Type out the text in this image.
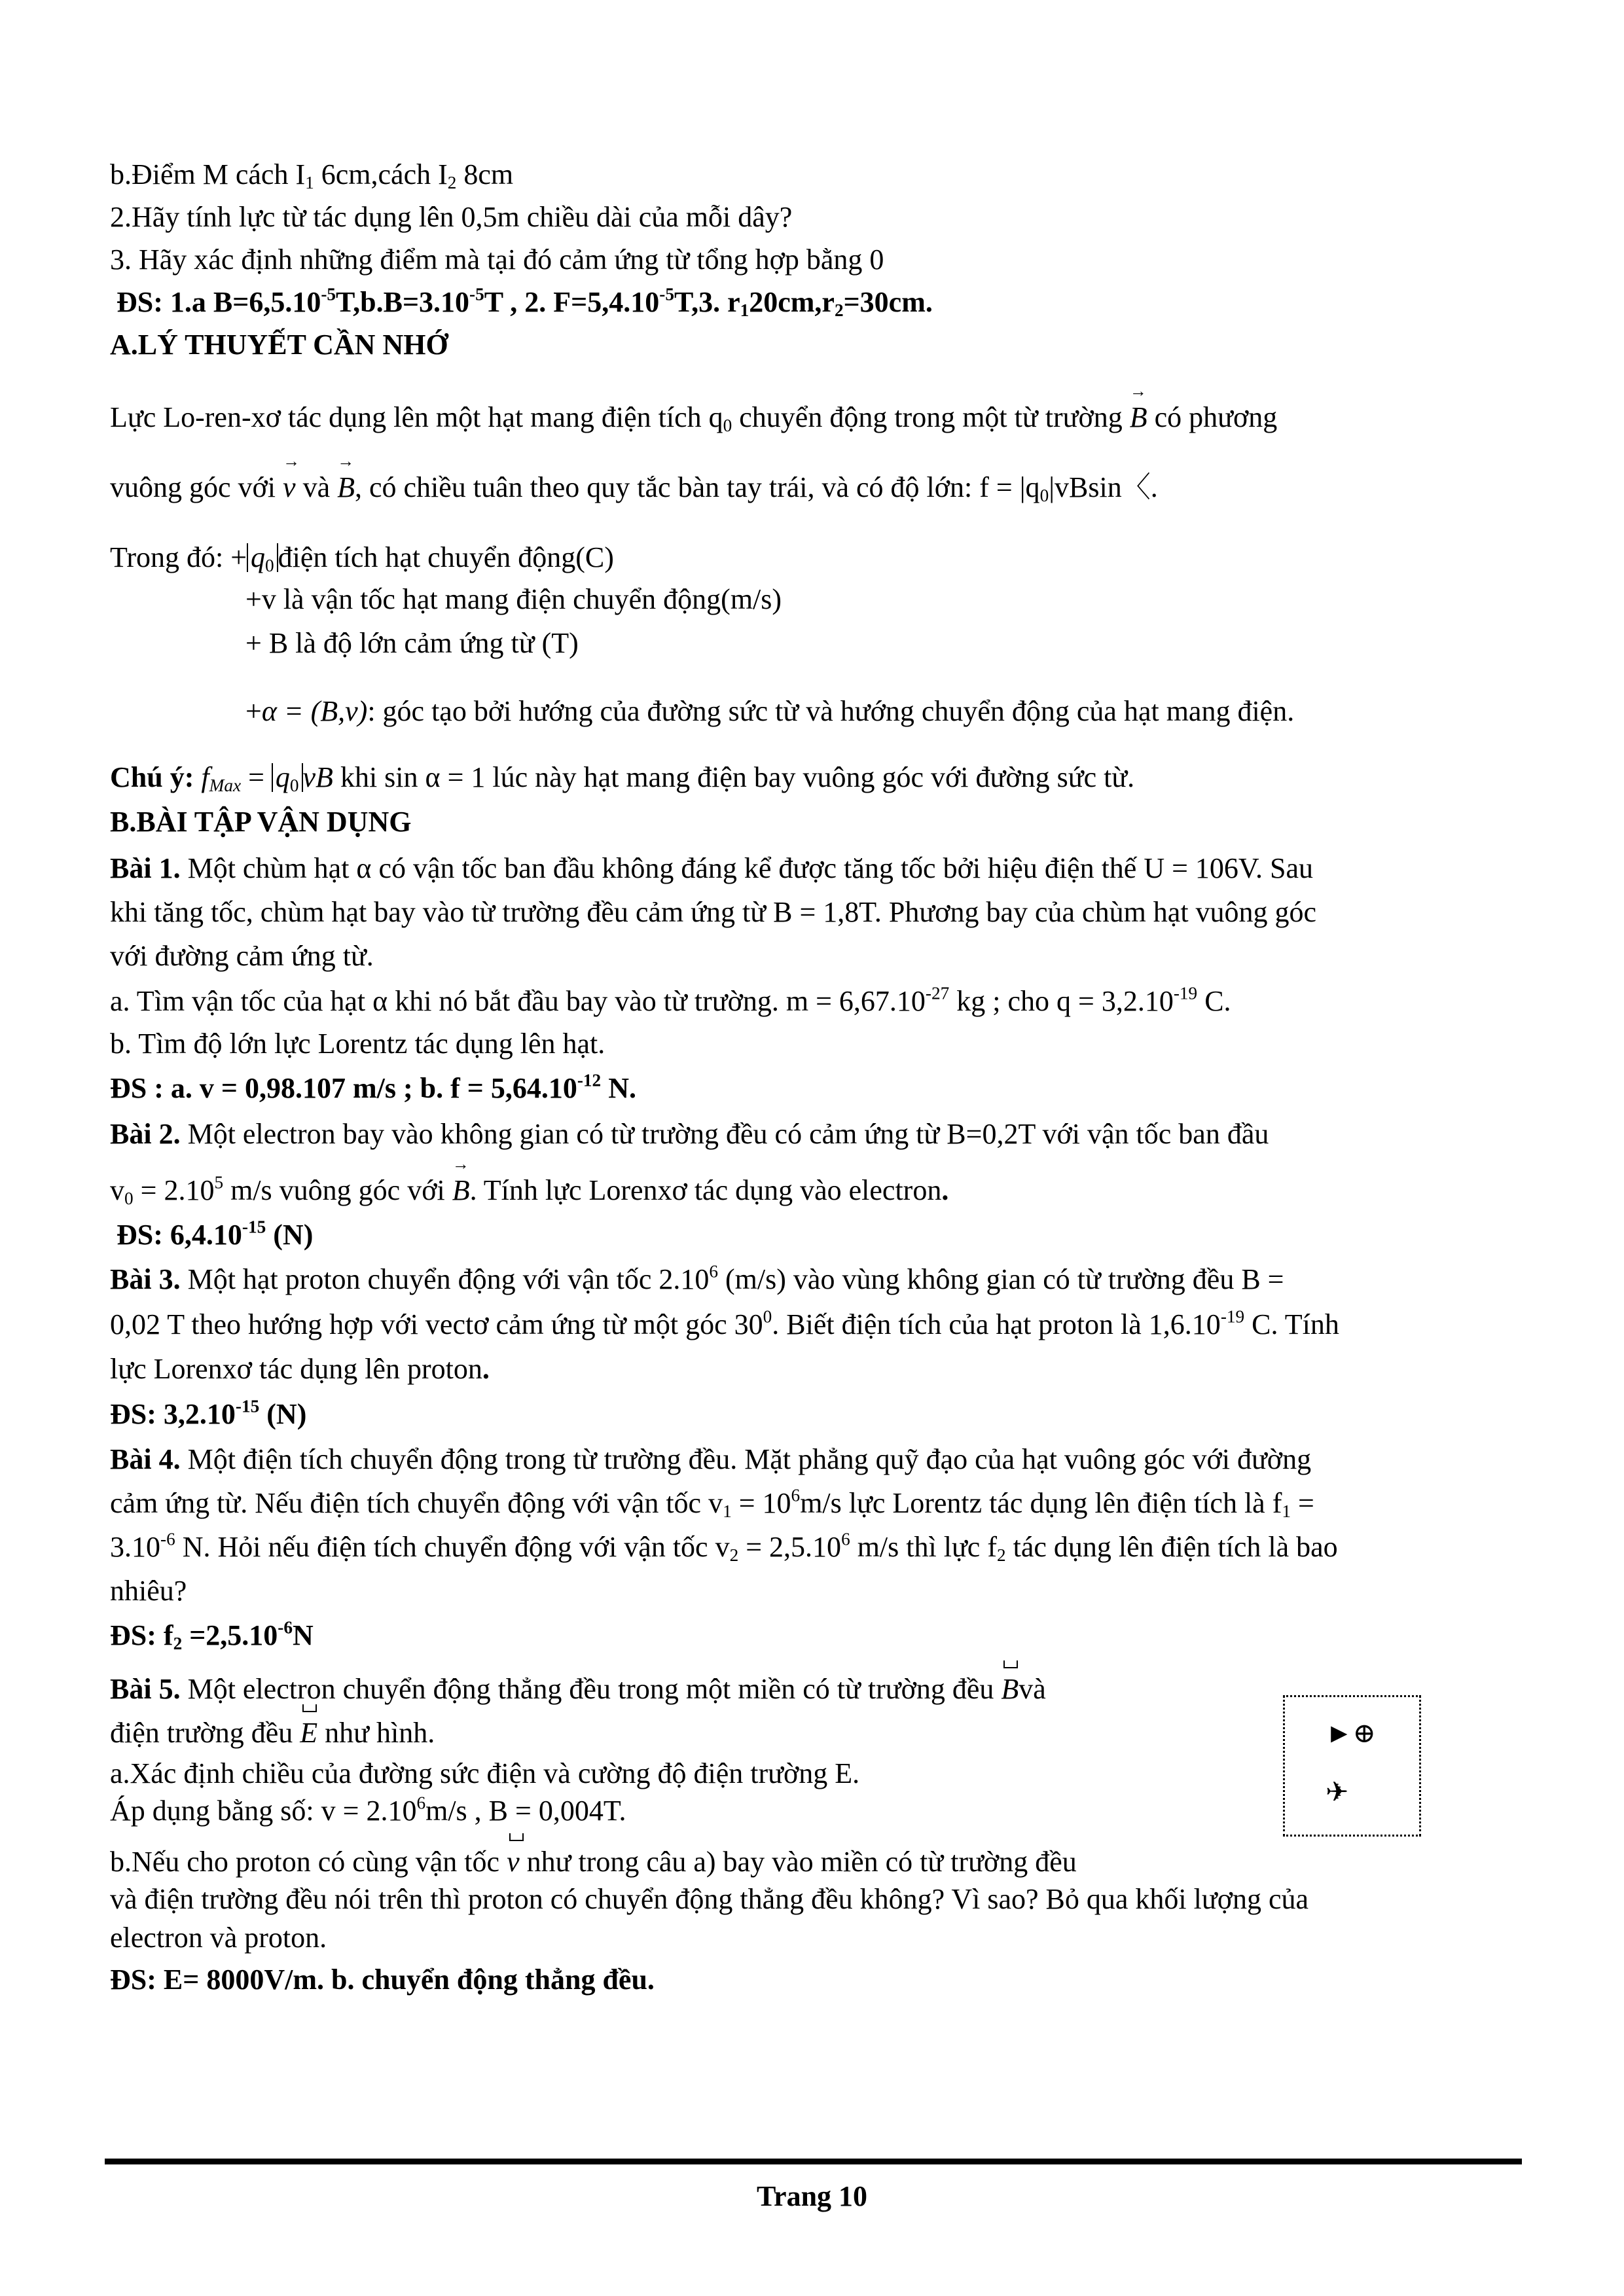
b.Điểm M cách $I_1$ 6cm,cách $I_2$ 8cm
2.Hãy tính lực từ tác dụng lên 0,5m chiều dài của mỗi dây?
3. Hãy xác định những điểm mà tại đó cảm ứng từ tổng hợp bằng 0
ĐS: 1.a $B=6,5.10^{-5}T,b.B=3.10^{-5}T$ , 2. $F=5,4.10^{-5}T,3$. $r_120cm,r_2=30cm$.
A.LÝ THUYẾT CẦN NHỚ
Lực Lo-ren-xơ tác dụng lên một hạt mang điện tích $q_0$ chuyển động trong một từ trường → B có phương
vuông góc với → v và → B, có chiều tuân theo quy tắc bàn tay trái, và có độ lớn: $f = |q_0|vBsin$〈.
Trong đó: + $q_0$ điện tích hạt chuyển động(C)
+v là vận tốc hạt mang điện chuyển động(m/s)
+ B là độ lớn cảm ứng từ (T)
+α = (B,v): góc tạo bởi hướng của đường sức từ và hướng chuyển động của hạt mang điện.
Chú ý: $f_{Max} = q_0$ vB khi sin α = 1 lúc này hạt mang điện bay vuông góc với đường sức từ.
B.BÀI TẬP VẬN DỤNG
Bài 1. Một chùm hạt α có vận tốc ban đầu không đáng kể được tăng tốc bởi hiệu điện thế U = 106V. Sau
khi tăng tốc, chùm hạt bay vào từ trường đều cảm ứng từ B = 1,8T. Phương bay của chùm hạt vuông góc
với đường cảm ứng từ.
a. Tìm vận tốc của hạt α khi nó bắt đầu bay vào từ trường. $m = 6,67.10^{-27}$ kg ; cho $q = 3,2.10^{-19}$ C.
b. Tìm độ lớn lực Lorentz tác dụng lên hạt.
ĐS : a. v = 0,98.107 m/s ; b. $f = 5,64.10^{-12}$ N.
Bài 2. Một electron bay vào không gian có từ trường đều có cảm ứng từ B=0,2T với vận tốc ban đầu
$v_0 = 2.10^5$ m/s vuông góc với → B. Tính lực Lorenxơ tác dụng vào electron.
ĐS: $6,4.10^{-15}$ (N)
Bài 3. Một hạt proton chuyển động với vận tốc 2.10$^6$ (m/s) vào vùng không gian có từ trường đều B =
0,02 T theo hướng hợp với vectơ cảm ứng từ một góc $30^0$. Biết điện tích của hạt proton là $1,6.10^{-19}$ C. Tính
lực Lorenxơ tác dụng lên proton.
ĐS: $3,2.10^{-15}$ (N)
Bài 4. Một điện tích chuyển động trong từ trường đều. Mặt phẳng quỹ đạo của hạt vuông góc với đường
cảm ứng từ. Nếu điện tích chuyển động với vận tốc $v_1 = 10^6m/s$ lực Lorentz tác dụng lên điện tích là $f_1$ =
$3.10^{-6}$ N. Hỏi nếu điện tích chuyển động với vận tốc $v_2 = 2,5.10^6$ m/s thì lực $f_2$ tác dụng lên điện tích là bao
nhiêu?
ĐS: $f_2 =2,5.10^{-6}N$
Bài 5. Một electron chuyển động thẳng đều trong một miền có từ trường đều Bvà
điện trường đều E như hình.
a.Xác định chiều của đường sức điện và cường độ điện trường E.
Áp dụng bằng số: $v = 2.10^6m/s$ , B = 0,004T.
b.Nếu cho proton có cùng vận tốc v như trong câu a) bay vào miền có từ trường đều
và điện trường đều nói trên thì proton có chuyển động thẳng đều không? Vì sao? Bỏ qua khối lượng của
electron và proton.
ĐS: E= 8000V/m. b. chuyển động thẳng đều.
►⊕
✈
Trang 10
